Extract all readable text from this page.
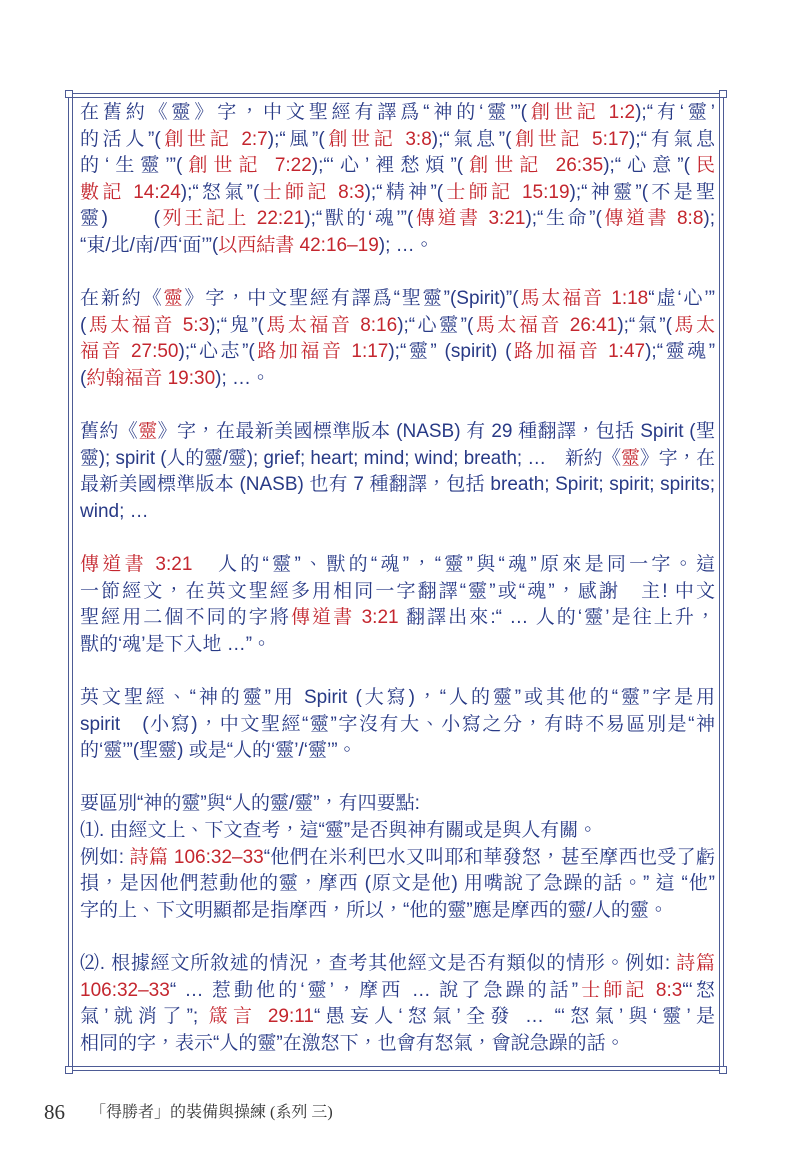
在舊約《靈》字，中文聖經有譯爲“神的‘靈’”(創世記 1:2);“有‘靈’
的活人”(創世記 2:7);“風”(創世記 3:8);“氣息”(創世記 5:17);“有氣息
的‘生靈’”(創世記 7:22);“‘心’裡愁煩”(創世記 26:35);“心意”(民
數記 14:24);“怒氣”(士師記 8:3);“精神”(士師記 15:19);“神靈”(不是聖
靈)　　(列王記上 22:21);“獸的‘魂’”(傳道書 3:21);“生命”(傳道書 8:8);
“東/北/南/西‘面’”(以西結書 42:16–19); …。
在新約《靈》字，中文聖經有譯爲“聖靈”(Spirit)”(馬太福音 1:18“虛‘心’”
(馬太福音 5:3);“鬼”(馬太福音 8:16);“心靈”(馬太福音 26:41);“氣”(馬太
福音 27:50);“心志”(路加福音 1:17);“靈” (spirit) (路加福音 1:47);“靈魂”
(約翰福音 19:30); …。
舊約《靈》字，在最新美國標準版本 (NASB) 有 29 種翻譯，包括 Spirit (聖
靈); spirit (人的靈/靈); grief; heart; mind; wind; breath; …　新約《靈》字，在
最新美國標準版本 (NASB) 也有 7 種翻譯，包括 breath; Spirit; spirit; spirits;
wind; …
傳道書 3:21　人的“靈”、獸的“魂”，“靈”與“魂”原來是同一字。這
一節經文，在英文聖經多用相同一字翻譯“靈”或“魂”，感謝　主! 中文
聖經用二個不同的字將傳道書 3:21 翻譯出來:“ … 人的‘靈’是往上升，
獸的‘魂’是下入地 …”。
英文聖經、“神的靈”用 Spirit (大寫)，“人的靈”或其他的“靈”字是用
spirit　(小寫)，中文聖經“靈”字沒有大、小寫之分，有時不易區別是“神
的‘靈’”(聖靈) 或是“人的‘靈’/‘靈’”。
要區別“神的靈”與“人的靈/靈”，有四要點:
⑴. 由經文上、下文查考，這“靈”是否與神有關或是與人有關。
例如: 詩篇 106:32–33“他們在米利巴水又叫耶和華發怒，甚至摩西也受了虧
損，是因他們惹動他的靈，摩西 (原文是他) 用嘴說了急躁的話。” 這 “他”
字的上、下文明顯都是指摩西，所以，“他的靈”應是摩西的靈/人的靈。
⑵. 根據經文所敘述的情況，查考其他經文是否有類似的情形。例如: 詩篇
106:32–33“ … 惹動他的‘靈’，摩西 … 說了急躁的話”士師記 8:3“‘怒
氣’就消了”; 箴言 29:11“愚妄人‘怒氣’全發 … “‘怒氣’與‘靈’是
相同的字，表示“人的靈”在激怒下，也會有怒氣，會說急躁的話。
86 「得勝者」的裝備與操練 (系列 三)
